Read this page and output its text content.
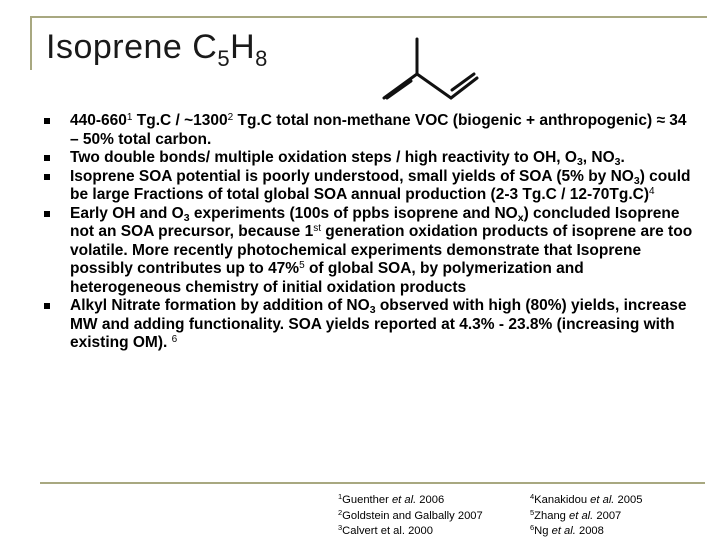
Isoprene $C_5H_8$

$440-660^1$ Tg.C / ~1300$^2$ Tg.C total non-methane VOC (biogenic + anthropogenic) ≈ 34 – 50% total carbon.

Two double bonds/ multiple oxidation steps / high reactivity to OH, $O_3$, $NO_3$.

Isoprene SOA potential is poorly understood, small yields of SOA (5% by $NO_3$) could be large Fractions of total global SOA annual production (2-3 Tg.C / 12-70Tg.C)$^4$

Early OH and $O_3$ experiments (100s of ppbs isoprene and $NO_x$) concluded Isoprene not an SOA precursor, because 1st generation oxidation products of isoprene are too volatile. More recently photochemical experiments demonstrate that Isoprene possibly contributes up to 47%$^5$ of global SOA, by polymerization and heterogeneous chemistry of initial oxidation products

Alkyl Nitrate formation by addition of $NO_3$ observed with high (80%) yields, increase MW and adding functionality. SOA yields reported at 4.3% - 23.8% (increasing with existing OM). $^6$

$^1$Guenther et al. 2006
$^2$Goldstein and Galbally 2007
$^3$Calvert et al. 2000
$^4$Kanakidou et al. 2005
$^5$Zhang et al. 2007
$^6$Ng et al. 2008
